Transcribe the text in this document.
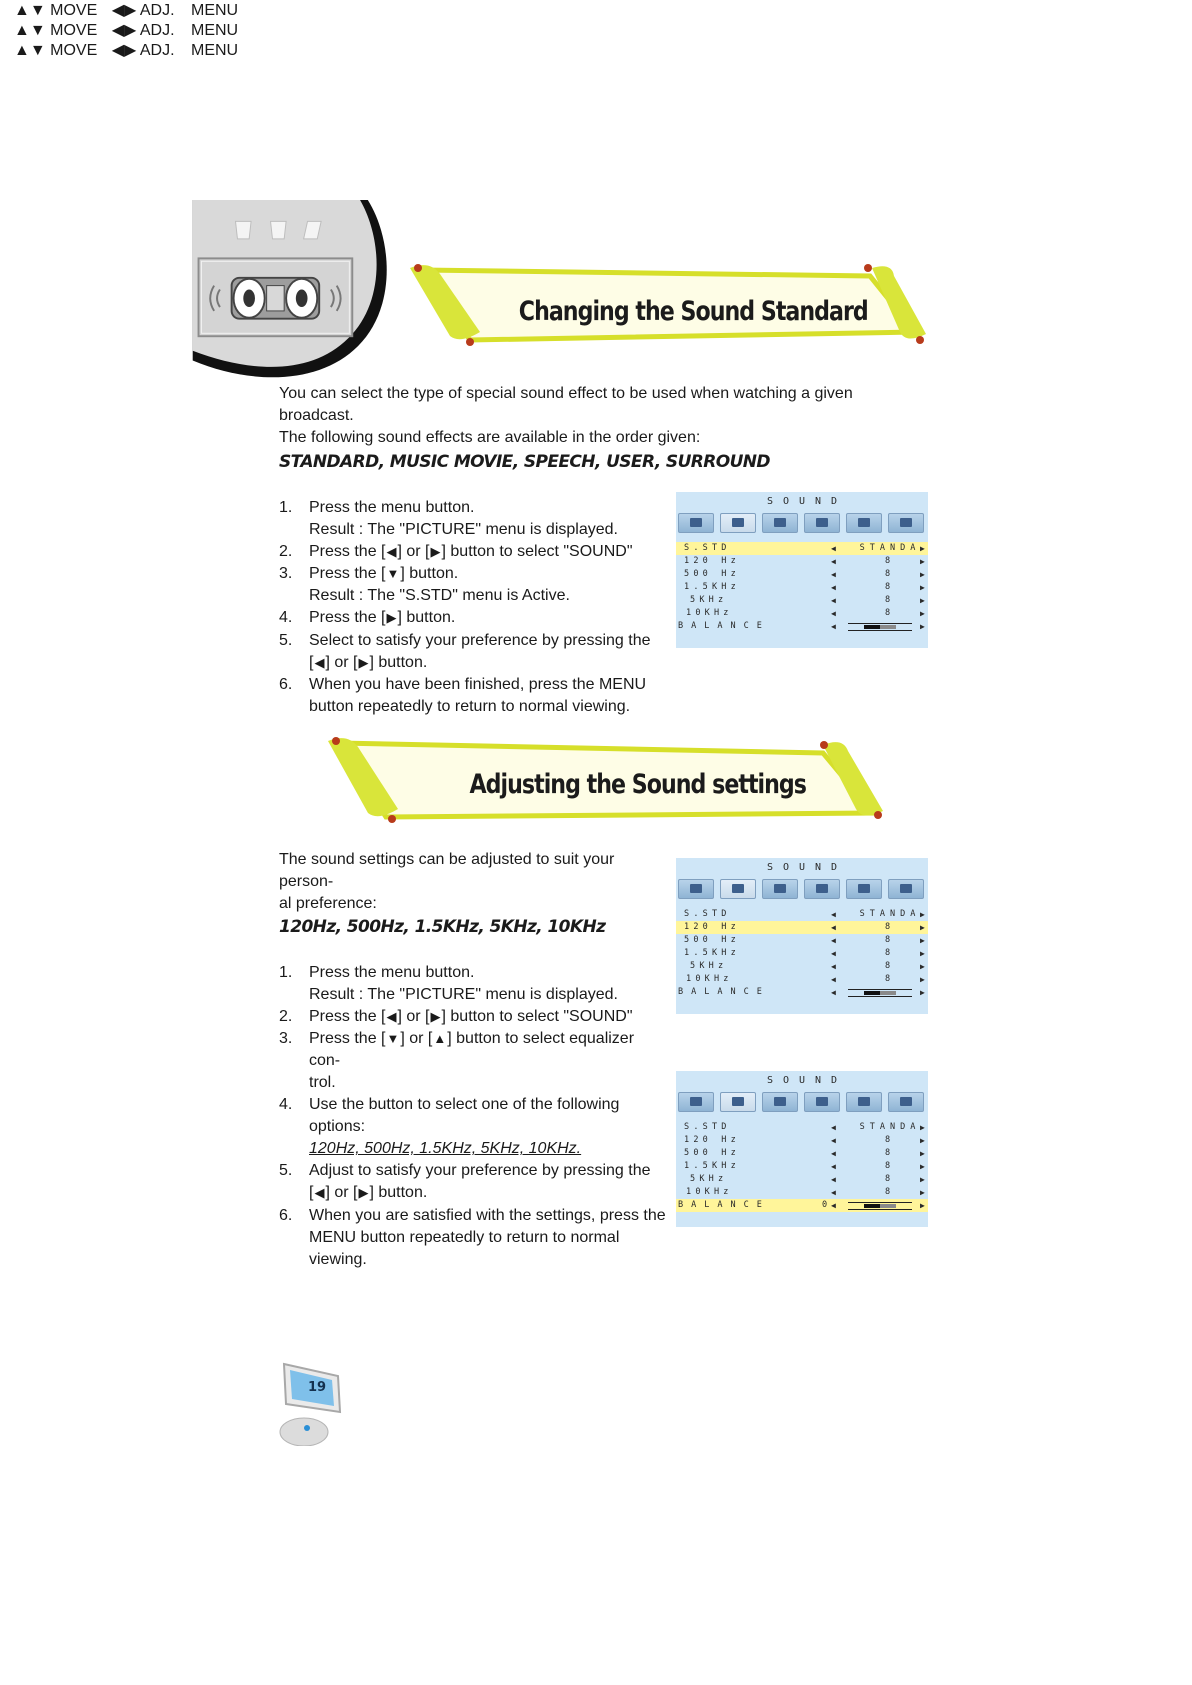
Changing the Sound Standard
You can select the type of special sound effect to be used when watching a given broadcast.
The following sound effects are available in the order given:
STANDARD, MUSIC MOVIE, SPEECH, USER, SURROUND
1. Press the menu button.
Result : The "PICTURE" menu is displayed.
2. Press the [◀] or [▶] button to select "SOUND"
3. Press the [▼] button.
Result : The "S.STD" menu is Active.
4. Press the [▶] button.
5. Select to satisfy your preference by pressing the
[◀] or [▶] button.
6. When you have been finished, press the MENU
button repeatedly to return to normal viewing.
SOUND
S.STD	◀	STANDA ▶
120 Hz	◀	8	▶
500 Hz	◀	8	▶
1.5KHz	◀	8	▶
5KHz	◀	8	▶
10KHz	◀	8	▶
BALANCE	◀	▶
▲▼ MOVE ◀▶ ADJ. MENU
Adjusting the Sound settings
The sound settings can be adjusted to suit your person-
al preference:
120Hz, 500Hz, 1.5KHz, 5KHz, 10KHz
1. Press the menu button.
Result : The "PICTURE" menu is displayed.
2. Press the [◀] or [▶] button to select "SOUND"
3. Press the [▼] or [▲] button to select equalizer con-
trol.
4. Use the button to select one of the following
options:
120Hz, 500Hz, 1.5KHz, 5KHz, 10KHz.
5. Adjust to satisfy your preference by pressing the
[◀] or [▶] button.
6. When you are satisfied with the settings, press the
MENU button repeatedly to return to normal viewing.
SOUND
S.STD	◀	STANDA ▶
120 Hz	◀	8	▶
500 Hz	◀	8	▶
1.5KHz	◀	8	▶
5KHz	◀	8	▶
10KHz	◀	8	▶
BALANCE	◀	▶
▲▼ MOVE ◀▶ ADJ. MENU
SOUND
S.STD	◀	STANDA ▶
120 Hz	◀	8	▶
500 Hz	◀	8	▶
1.5KHz	◀	8	▶
5KHz	◀	8	▶
10KHz	◀	8	▶
BALANCE	0 ◀	▶
▲▼ MOVE ◀▶ ADJ. MENU
19
